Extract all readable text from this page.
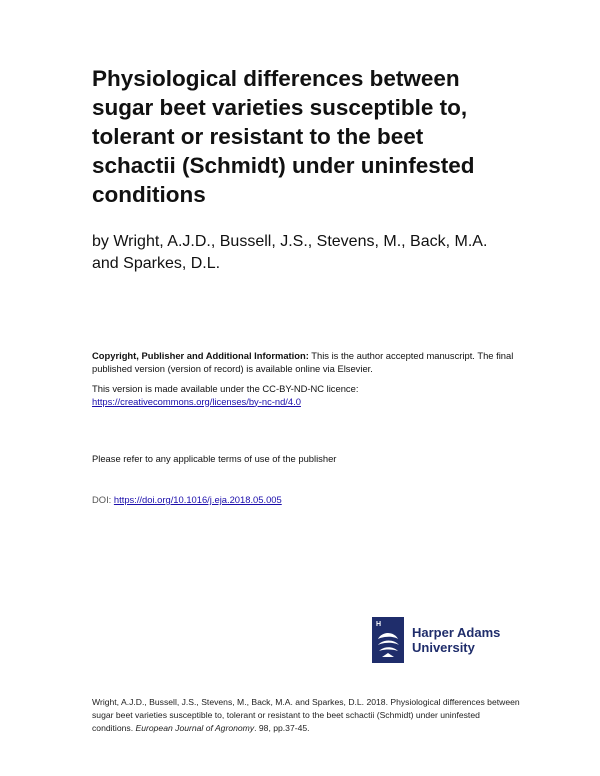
Physiological differences between
sugar beet varieties susceptible to,
tolerant or resistant to the beet
schactii (Schmidt) under uninfested
conditions
by Wright, A.J.D., Bussell, J.S., Stevens, M., Back, M.A.
and Sparkes, D.L.

Copyright, Publisher and Additional Information: This is the author accepted manuscript. The final published version (version of record) is available online via Elsevier.

This version is made available under the CC-BY-ND-NC licence:

https://creativecommons.org/licenses/by-nc-nd/4.0

Please refer to any applicable terms of use of the publisher
DOI: https://doi.org/10.1016/j.eja.2018.05.005
H
Harper Adams
University
Wright, A.J.D., Bussell, J.S., Stevens, M., Back, M.A. and Sparkes, D.L. 2018. Physiological differences between sugar beet varieties susceptible to, tolerant or resistant to the beet schactii (Schmidt) under uninfested conditions. European Journal of Agronomy. 98, pp.37-45.
